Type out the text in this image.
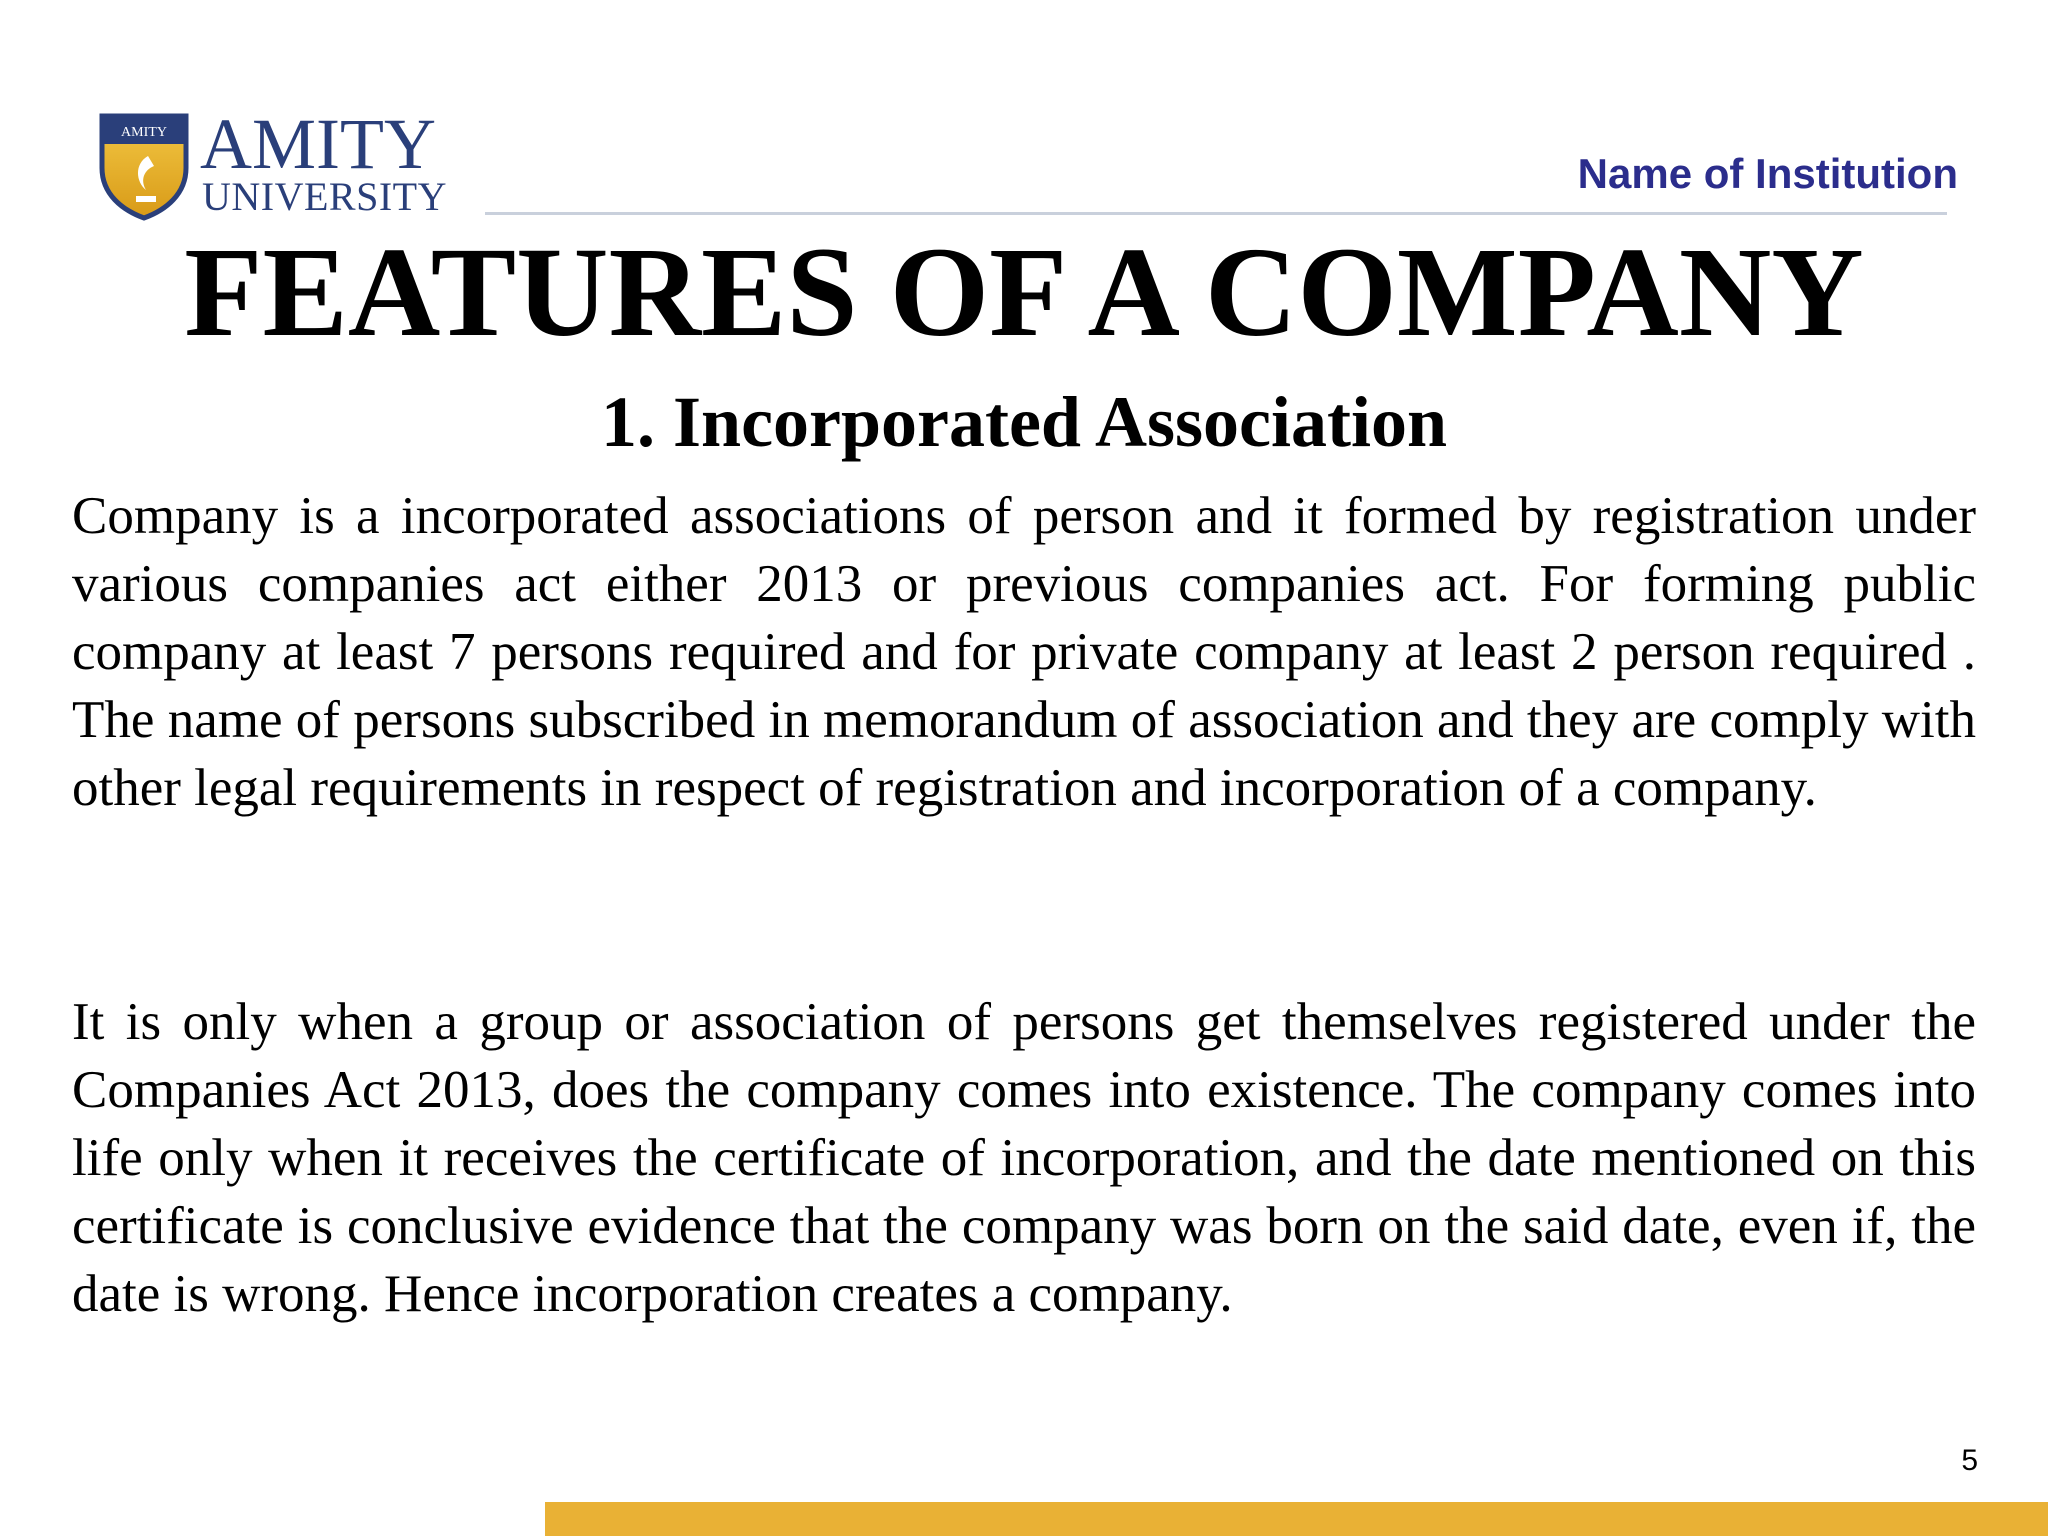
AMITY AMITY
UNIVERSITY	Name of Institution
FEATURES OF A COMPANY
1. Incorporated Association

Company is a incorporated associations of person and it formed by registration under various companies act either 2013 or previous companies act. For forming public company at least 7 persons required and for private company at least 2 person required . The name of persons subscribed in memorandum of association and they are comply with other legal requirements in respect of registration and incorporation of a company.

It is only when a group or association of persons get themselves registered under the Companies Act 2013, does the company comes into existence. The company comes into life only when it receives the certificate of incorporation, and the date mentioned on this certificate is conclusive evidence that the company was born on the said date, even if, the date is wrong. Hence incorporation creates a company.

5
